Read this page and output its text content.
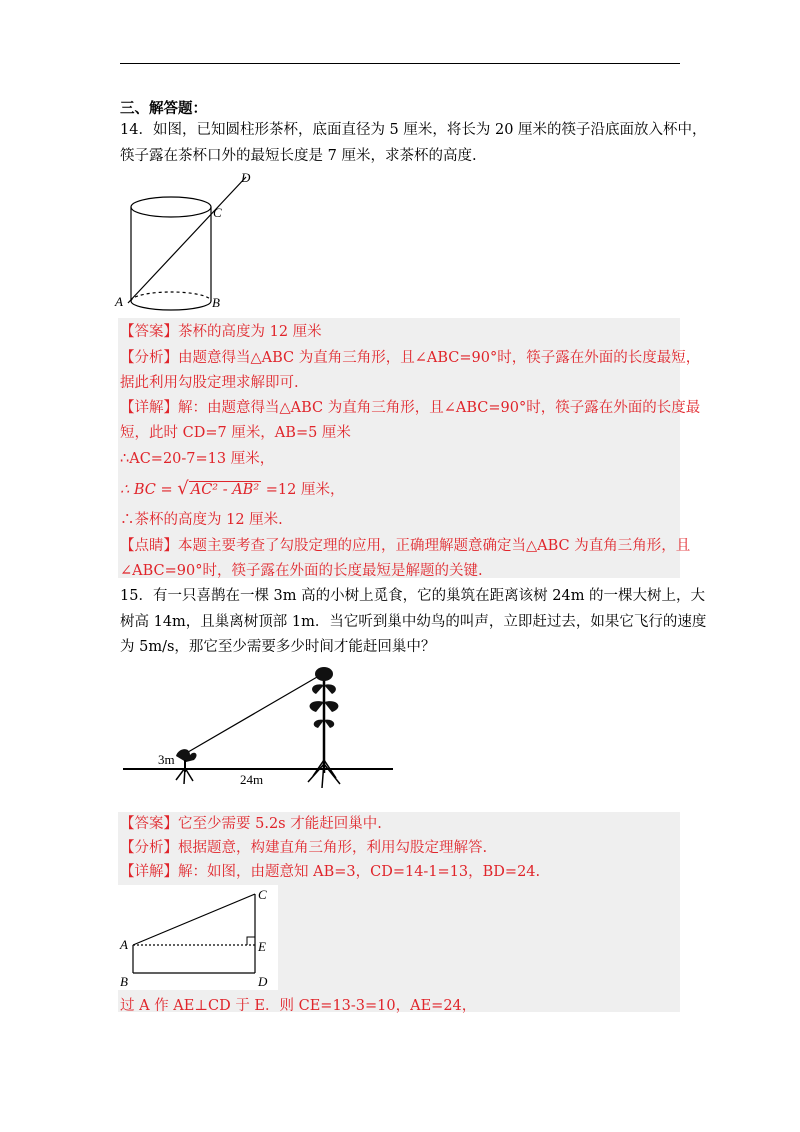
三、解答题：
14．如图，已知圆柱形茶杯，底面直径为 5 厘米，将长为 20 厘米的筷子沿底面放入杯中，
筷子露在茶杯口外的最短长度是 7 厘米，求茶杯的高度.
A	B
C
D
【答案】茶杯的高度为 12 厘米
【分析】由题意得当△ABC 为直角三角形，且∠ABC=90°时，筷子露在外面的长度最短，
据此利用勾股定理求解即可.
【详解】解：由题意得当△ABC 为直角三角形，且∠ABC=90°时，筷子露在外面的长度最
短，此时 CD=7 厘米，AB=5 厘米
∴AC=20-7=13 厘米，
∴ BC = √ AC² - AB² =12 厘米，
∴茶杯的高度为 12 厘米.
【点睛】本题主要考查了勾股定理的应用，正确理解题意确定当△ABC 为直角三角形，且
∠ABC=90°时，筷子露在外面的长度最短是解题的关键.
15．有一只喜鹊在一棵 3m 高的小树上觅食，它的巢筑在距离该树 24m 的一棵大树上，大
树高 14m，且巢离树顶部 1m．当它听到巢中幼鸟的叫声，立即赶过去，如果它飞行的速度
为 5m/s，那它至少需要多少时间才能赶回巢中？
3m
24m
【答案】它至少需要 5.2s 才能赶回巢中.
【分析】根据题意，构建直角三角形，利用勾股定理解答.
【详解】解：如图，由题意知 AB=3，CD=14-1=13，BD=24.
A
B
C
D
E
过 A 作 AE⊥CD 于 E．则 CE=13-3=10，AE=24，
